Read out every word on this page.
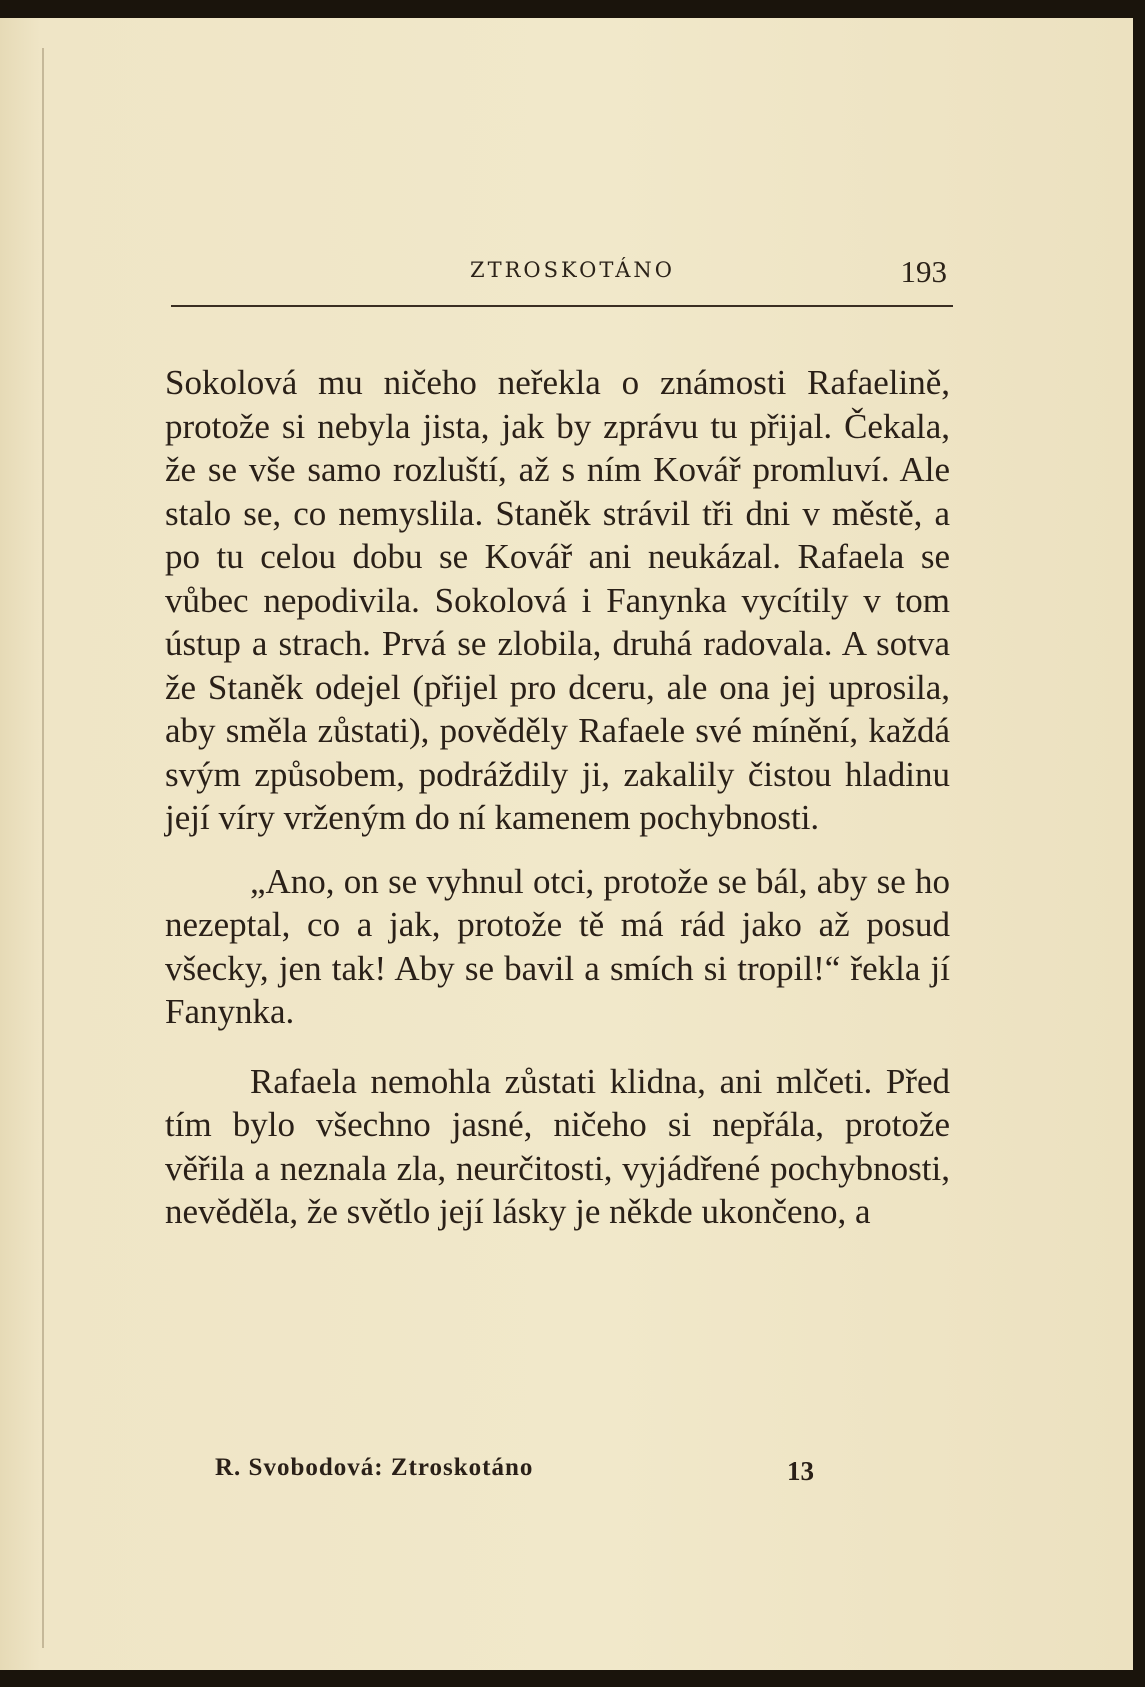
ZTROSKOTÁNO	193

Sokolová mu ničeho neřekla o známosti Rafaelině, protože si nebyla jista, jak by zprávu tu přijal. Čekala, že se vše samo rozluští, až s ním Kovář promluví. Ale stalo se, co nemyslila. Staněk strávil tři dni v městě, a po tu celou dobu se Kovář ani neukázal. Rafaela se vůbec nepodivila. Sokolová i Fanynka vycítily v tom ústup a strach. Prvá se zlobila, druhá radovala. A sotva že Staněk odejel (přijel pro dceru, ale ona jej uprosila, aby směla zůstati), pověděly Rafaele své mínění, každá svým způsobem, podráždily ji, zakalily čistou hladinu její víry vrženým do ní kamenem pochybnosti.

„Ano, on se vyhnul otci, protože se bál, aby se ho nezeptal, co a jak, protože tě má rád jako až posud všecky, jen tak! Aby se bavil a smích si tropil!“ řekla jí Fanynka.

Rafaela nemohla zůstati klidna, ani mlčeti. Před tím bylo všechno jasné, ničeho si nepřála, protože věřila a neznala zla, neurčitosti, vyjádřené pochybnosti, nevěděla, že světlo její lásky je někde ukončeno, a

R. Svobodová: Ztroskotáno	13
